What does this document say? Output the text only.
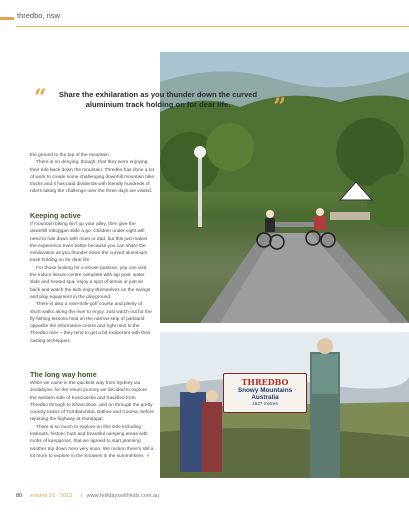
thredbo, nsw
“	Share the exhilaration as you thunder down the curved aluminium track holding on for dear life.	”

the ground to the top of the mountain.

There is no denying, though, that they were enjoying their ride back down the mountain. Thredbo has done a lot of work to create some challenging downhill mountain bike tracks and it has paid dividends with literally hundreds of riders taking the challenge over the three days we visited.

Keeping active

If mountain biking isn't up your alley, then give the downhill toboggan slide a go. Children under eight will need to ride down with mum or dad, but this just makes the experience even better because you can share the exhilaration as you thunder down the curved aluminium track holding on for dear life.

For those looking for a slower pastime, you can visit the indoor leisure centre complete with lap pool, water slide and heated spa, enjoy a spot of tennis or just sit back and watch the kids enjoy themselves on the swings and play equipment in the playground.

There is also a nine-hole golf course and plenty of short walks along the river to enjoy. Just watch out for the fly-fishing lessons held on the narrow strip of parkland opposite the information centre and right next to the Thredbo river – they tend to get a bit exuberant with their casting techniques.

The long way home

While we came in the quickest way from Sydney via Jindabyne, for the return journey we decided to explore the western side of Kosciuszko and travelled from Thredbo through to Khancoban, and on through the pretty country towns of Tumbarumba, Batlow and Cooma, before rejoining the highway at Gundagai.

There is so much to explore on this side including lookouts, historic huts and beautiful camping areas with mobs of kangaroos, that we agreed to start planning another trip down here very soon. We reckon there's still a lot more to explore in the Snowies in the summertime. ★

THREDBO
Snowy Mountains
Australia
1527 metres
80 volume 21 · 2013 | www.holidayswithkids.com.au
